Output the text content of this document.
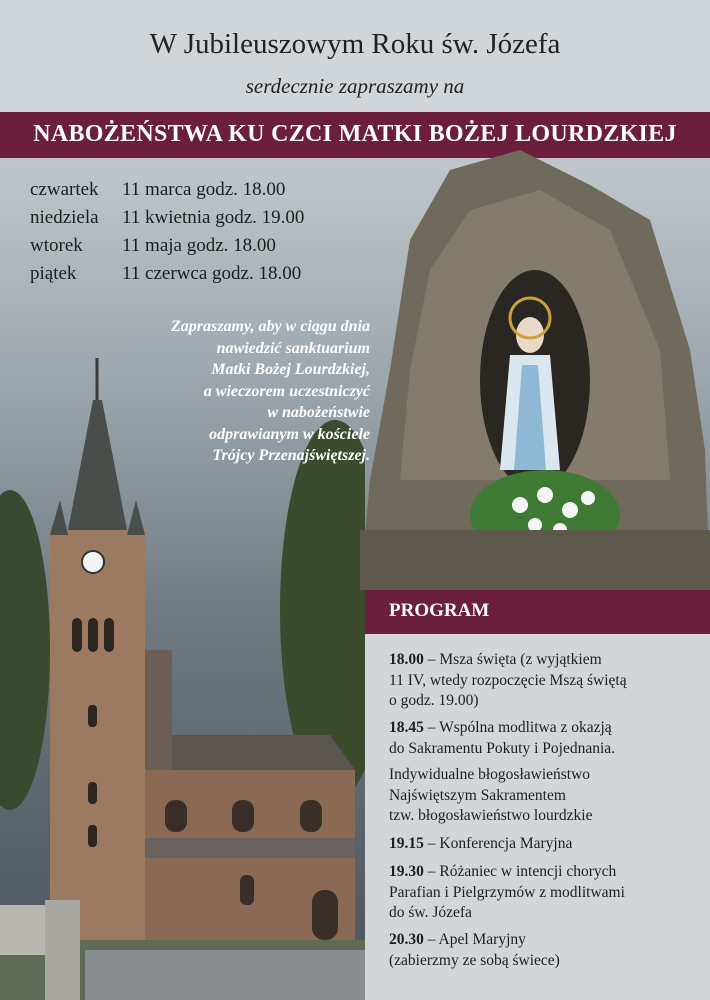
W Jubileuszowym Roku św. Józefa
serdecznie zapraszamy na
NABOŻEŃSTWA KU CZCI MATKI BOŻEJ LOURDZKIEJ
czwartek	11 marca godz. 18.00
niedziela	11 kwietnia godz. 19.00
wtorek	11 maja godz. 18.00
piątek	11 czerwca godz. 18.00
Zapraszamy, aby w ciągu dnia
nawiedzić sanktuarium
Matki Bożej Lourdzkiej,
a wieczorem uczestniczyć
w nabożeństwie
odprawianym w kościele
Trójcy Przenajświętszej.
PROGRAM
18.00 – Msza święta (z wyjątkiem
11 IV, wtedy rozpoczęcie Mszą świętą
o godz. 19.00)
18.45 – Wspólna modlitwa z okazją
do Sakramentu Pokuty i Pojednania.
Indywidualne błogosławieństwo
Najświętszym Sakramentem
tzw. błogosławieństwo lourdzkie
19.15 – Konferencja Maryjna
19.30 – Różaniec w intencji chorych
Parafian i Pielgrzymów z modlitwami
do św. Józefa
20.30 – Apel Maryjny
(zabierzmy ze sobą świece)
